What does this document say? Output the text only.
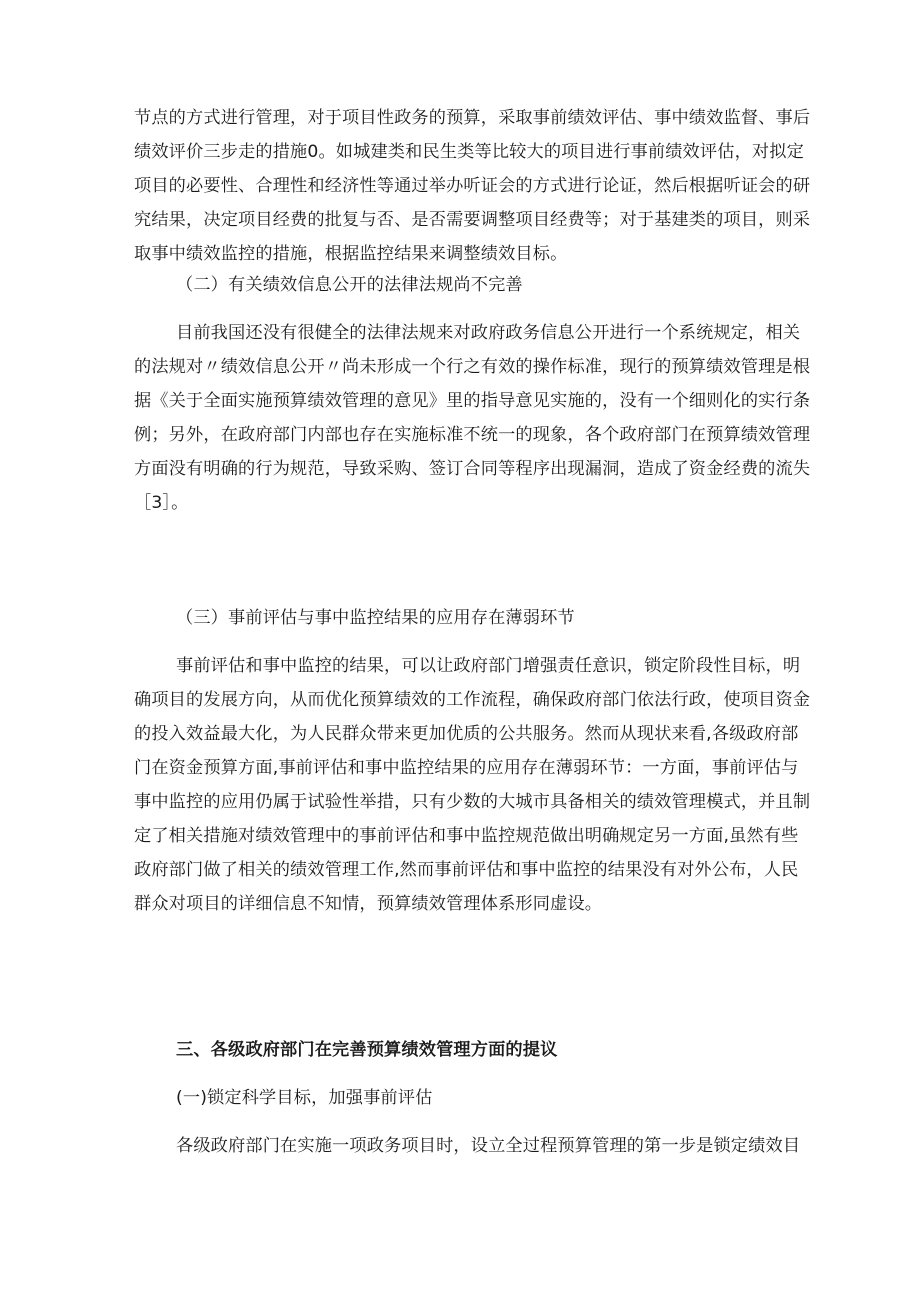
节点的方式进行管理，对于项目性政务的预算，采取事前绩效评估、事中绩效监督、事后
绩效评价三步走的措施0。如城建类和民生类等比较大的项目进行事前绩效评估，对拟定
项目的必要性、合理性和经济性等通过举办听证会的方式进行论证，然后根据听证会的研
究结果，决定项目经费的批复与否、是否需要调整项目经费等；对于基建类的项目，则采
取事中绩效监控的措施，根据监控结果来调整绩效目标。
（二）有关绩效信息公开的法律法规尚不完善
目前我国还没有很健全的法律法规来对政府政务信息公开进行一个系统规定，相关
的法规对〃绩效信息公开〃尚未形成一个行之有效的操作标准，现行的预算绩效管理是根
据《关于全面实施预算绩效管理的意见》里的指导意见实施的，没有一个细则化的实行条
例；另外，在政府部门内部也存在实施标准不统一的现象，各个政府部门在预算绩效管理
方面没有明确的行为规范，导致采购、签订合同等程序出现漏洞，造成了资金经费的流失
［3］。
（三）事前评估与事中监控结果的应用存在薄弱环节
事前评估和事中监控的结果，可以让政府部门增强责任意识，锁定阶段性目标，明
确项目的发展方向，从而优化预算绩效的工作流程，确保政府部门依法行政，使项目资金
的投入效益最大化，为人民群众带来更加优质的公共服务。然而从现状来看,各级政府部
门在资金预算方面,事前评估和事中监控结果的应用存在薄弱环节：一方面，事前评估与
事中监控的应用仍属于试验性举措，只有少数的大城市具备相关的绩效管理模式，并且制
定了相关措施对绩效管理中的事前评估和事中监控规范做出明确规定另一方面,虽然有些
政府部门做了相关的绩效管理工作,然而事前评估和事中监控的结果没有对外公布，人民
群众对项目的详细信息不知情，预算绩效管理体系形同虚设。
三、各级政府部门在完善预算绩效管理方面的提议
(一)锁定科学目标，加强事前评估
各级政府部门在实施一项政务项目时，设立全过程预算管理的第一步是锁定绩效目
